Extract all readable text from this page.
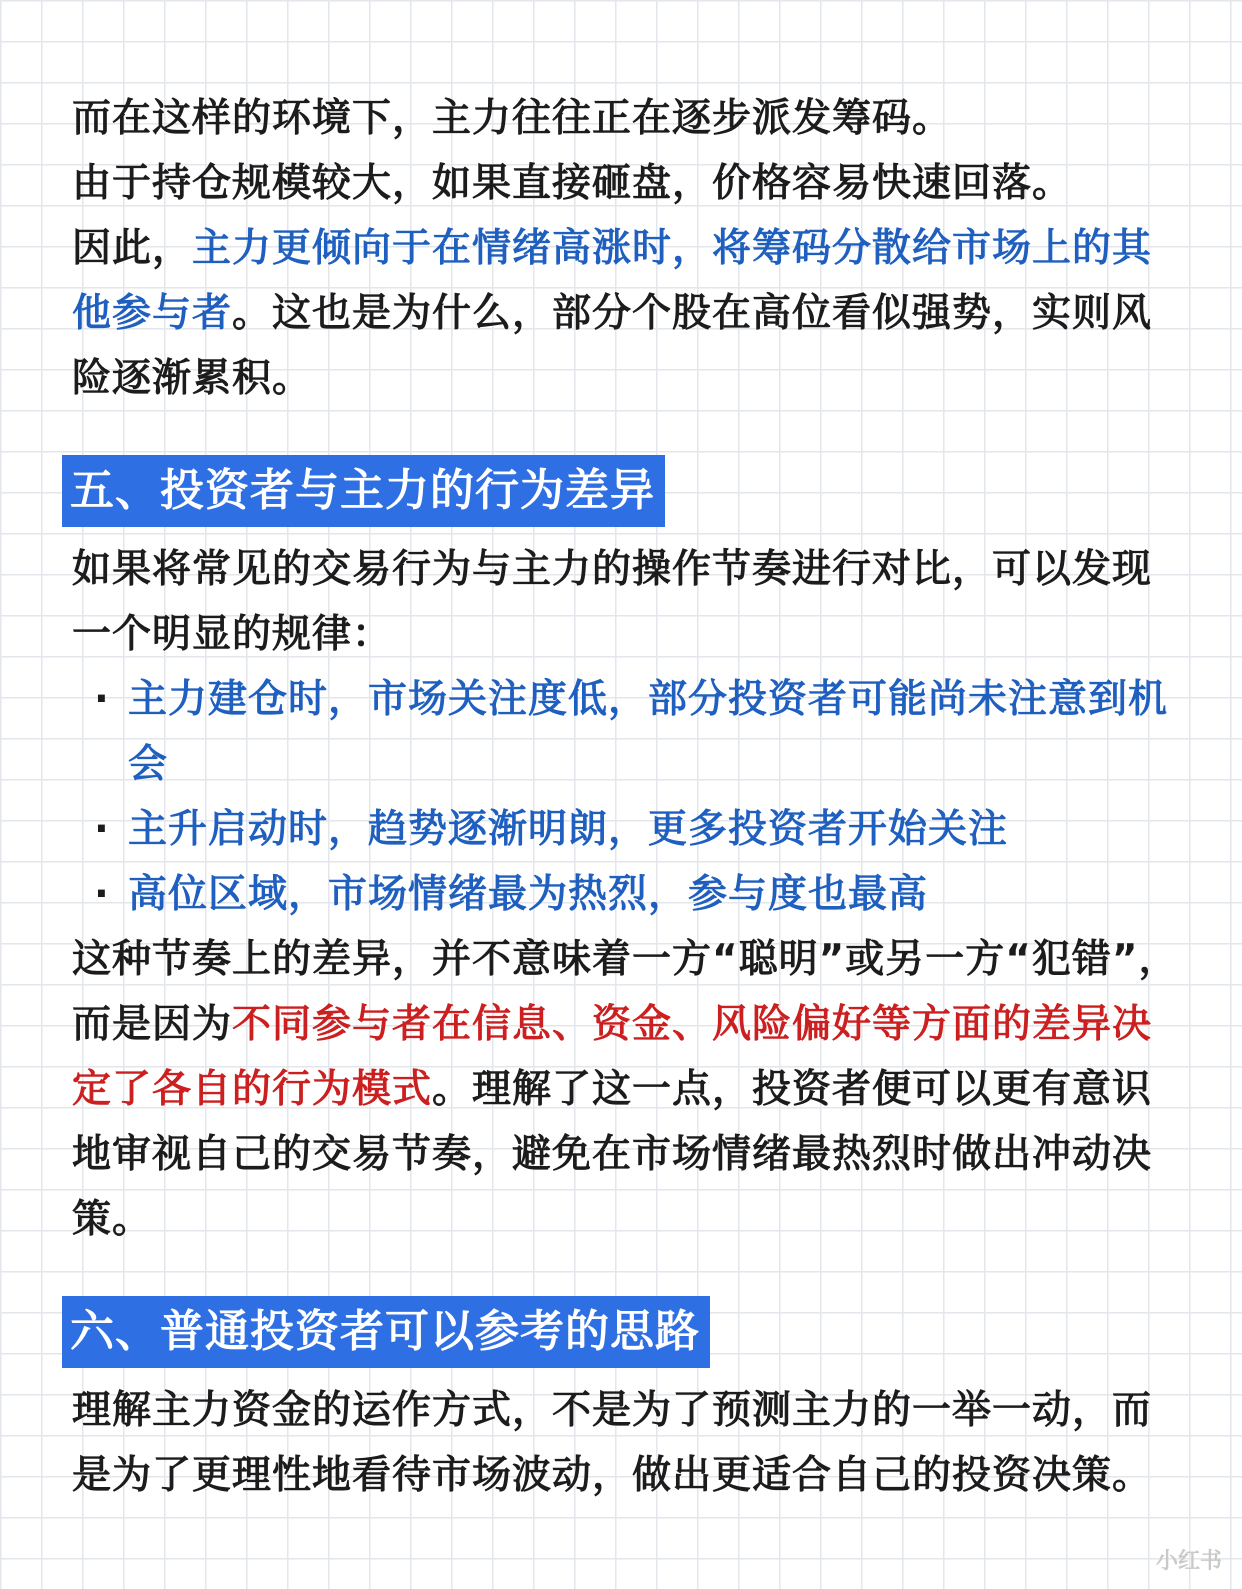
而在这样的环境下，主力往往正在逐步派发筹码。

由于持仓规模较大，如果直接砸盘，价格容易快速回落。

因此，主力更倾向于在情绪高涨时，将筹码分散给市场上的其他参与者。这也是为什么，部分个股在高位看似强势，实则风险逐渐累积。

五、投资者与主力的行为差异

如果将常见的交易行为与主力的操作节奏进行对比，可以发现一个明显的规律：

· 主力建仓时，市场关注度低，部分投资者可能尚未注意到机会
· 主升启动时，趋势逐渐明朗，更多投资者开始关注
· 高位区域，市场情绪最为热烈，参与度也最高

这种节奏上的差异，并不意味着一方“聪明”或另一方“犯错”，而是因为不同参与者在信息、资金、风险偏好等方面的差异决定了各自的行为模式。理解了这一点，投资者便可以更有意识地审视自己的交易节奏，避免在市场情绪最热烈时做出冲动决策。

六、普通投资者可以参考的思路

理解主力资金的运作方式，不是为了预测主力的一举一动，而是为了更理性地看待市场波动，做出更适合自己的投资决策。

小红书
